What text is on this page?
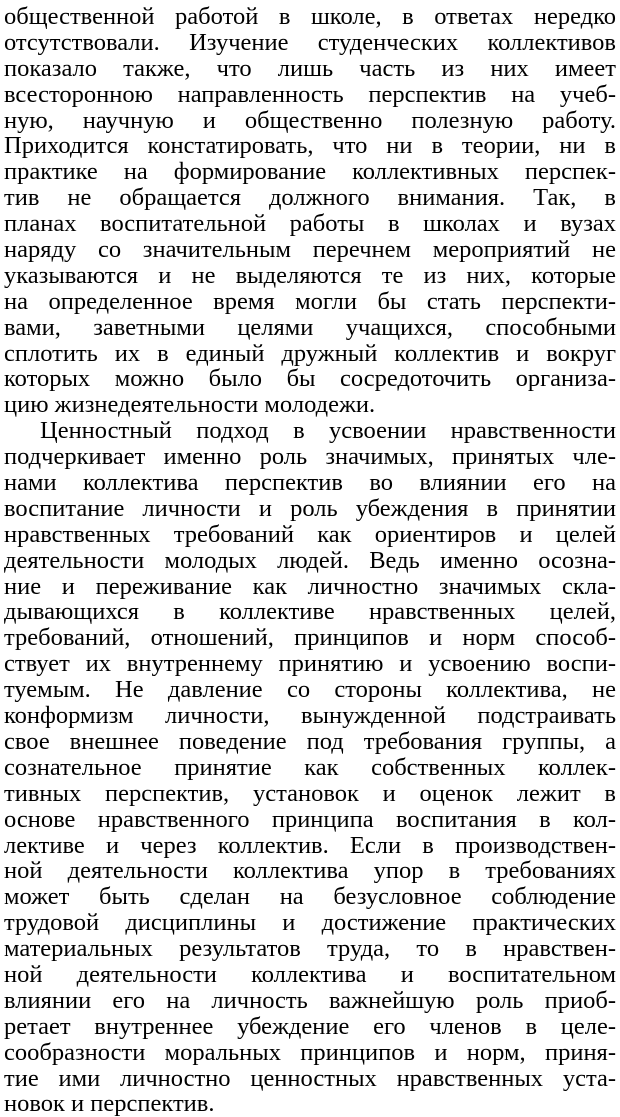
общественной работой в школе, в ответах нередко
отсутствовали. Изучение студенческих коллективов
показало также, что лишь часть из них имеет
всесторонною направленность перспектив на учеб-
ную, научную и общественно полезную работу.
Приходится констатировать, что ни в теории, ни в
практике на формирование коллективных перспек-
тив не обращается должного внимания. Так, в
планах воспитательной работы в школах и вузах
наряду со значительным перечнем мероприятий не
указываются и не выделяются те из них, которые
на определенное время могли бы стать перспекти-
вами, заветными целями учащихся, способными
сплотить их в единый дружный коллектив и вокруг
которых можно было бы сосредоточить организа-
цию жизнедеятельности молодежи.
Ценностный подход в усвоении нравственности
подчеркивает именно роль значимых, принятых чле-
нами коллектива перспектив во влиянии его на
воспитание личности и роль убеждения в принятии
нравственных требований как ориентиров и целей
деятельности молодых людей. Ведь именно осозна-
ние и переживание как личностно значимых скла-
дывающихся в коллективе нравственных целей,
требований, отношений, принципов и норм способ-
ствует их внутреннему принятию и усвоению воспи-
туемым. Не давление со стороны коллектива, не
конформизм личности, вынужденной подстраивать
свое внешнее поведение под требования группы, а
сознательное принятие как собственных коллек-
тивных перспектив, установок и оценок лежит в
основе нравственного принципа воспитания в кол-
лективе и через коллектив. Если в производствен-
ной деятельности коллектива упор в требованиях
может быть сделан на безусловное соблюдение
трудовой дисциплины и достижение практических
материальных результатов труда, то в нравствен-
ной деятельности коллектива и воспитательном
влиянии его на личность важнейшую роль приоб-
ретает внутреннее убеждение его членов в целе-
сообразности моральных принципов и норм, приня-
тие ими личностно ценностных нравственных уста-
новок и перспектив.
